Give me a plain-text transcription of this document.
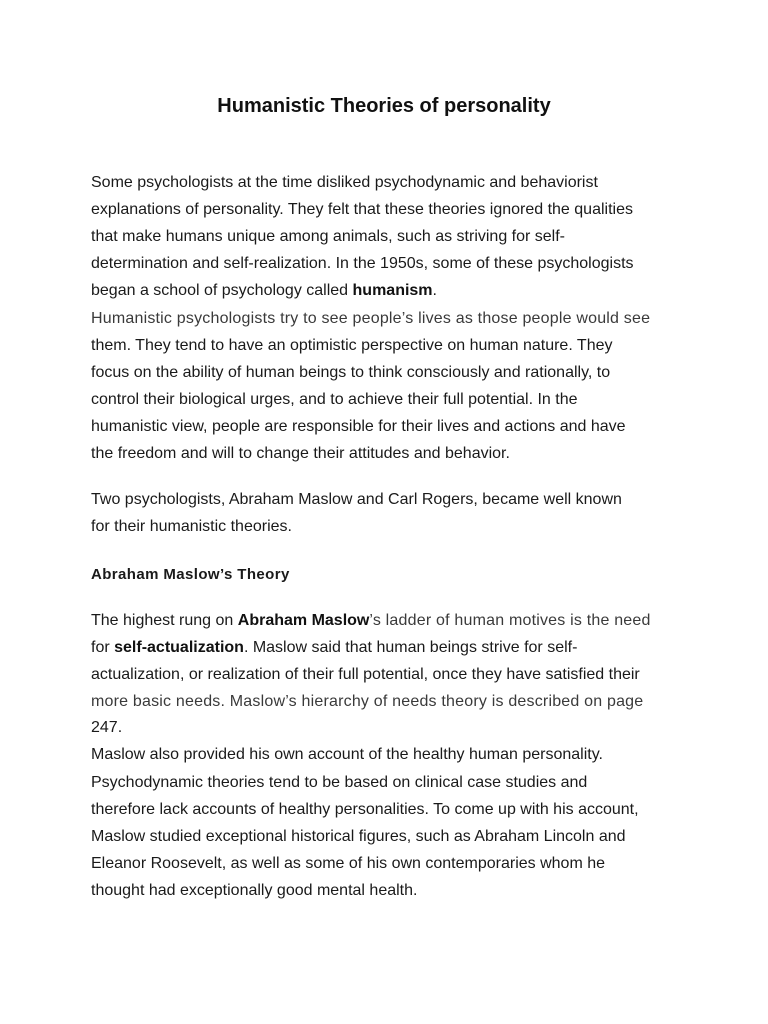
Humanistic Theories of personality
Some psychologists at the time disliked psychodynamic and behaviorist
explanations of personality. They felt that these theories ignored the qualities
that make humans unique among animals, such as striving for self-
determination and self-realization. In the 1950s, some of these psychologists
began a school of psychology called humanism.
Humanistic psychologists try to see people’s lives as those people would see
them. They tend to have an optimistic perspective on human nature. They
focus on the ability of human beings to think consciously and rationally, to
control their biological urges, and to achieve their full potential. In the
humanistic view, people are responsible for their lives and actions and have
the freedom and will to change their attitudes and behavior.
Two psychologists, Abraham Maslow and Carl Rogers, became well known
for their humanistic theories.
Abraham Maslow’s Theory
The highest rung on Abraham Maslow’s ladder of human motives is the need
for self-actualization. Maslow said that human beings strive for self-
actualization, or realization of their full potential, once they have satisfied their
more basic needs. Maslow’s hierarchy of needs theory is described on page
247.
Maslow also provided his own account of the healthy human personality.
Psychodynamic theories tend to be based on clinical case studies and
therefore lack accounts of healthy personalities. To come up with his account,
Maslow studied exceptional historical figures, such as Abraham Lincoln and
Eleanor Roosevelt, as well as some of his own contemporaries whom he
thought had exceptionally good mental health.
